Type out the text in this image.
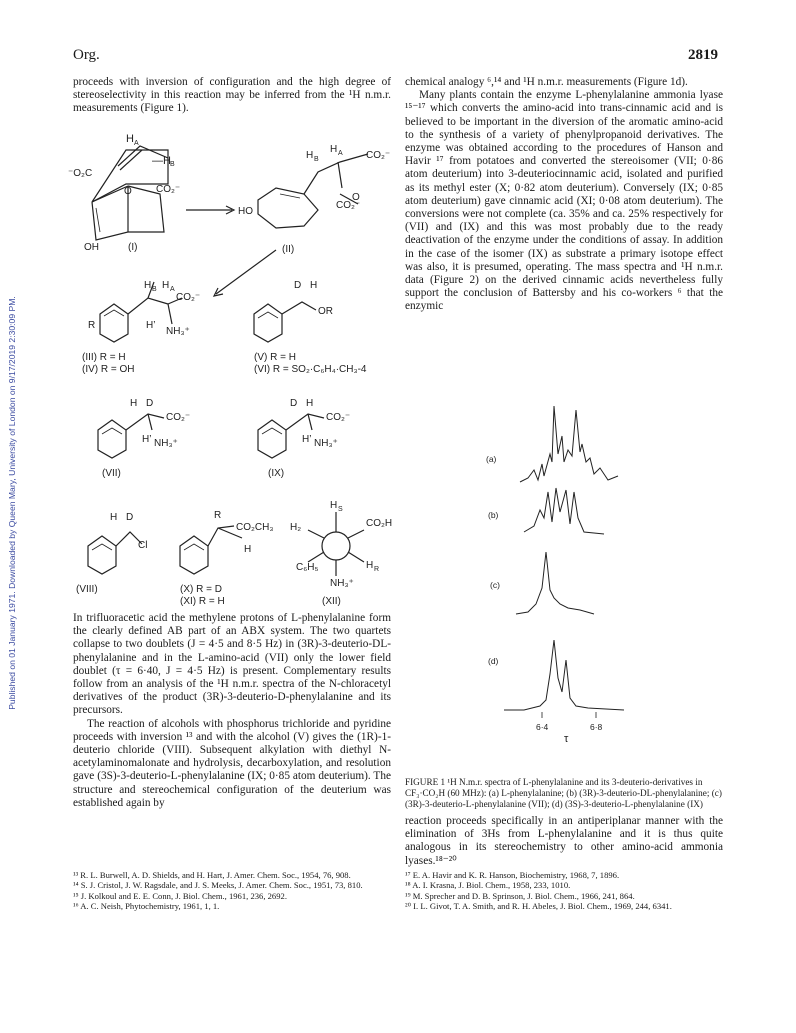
Published on 01 January 1971. Downloaded by Queen Mary, University of London on 9/17/2019 2:30:09 PM.
Org.	2819
proceeds with inversion of configuration and the high degree of stereoselectivity in this reaction may be inferred from the ¹H n.m.r. measurements (Figure 1).
H A
—H B
⁻O₂C
CO₂⁻
O
OH	(I)
HO
H B
H A CO₂⁻
O
CO₂⁻
(II)
H B H A
CO₂⁻
R	H’
NH₃⁺
(III) R = H
(IV) R = OH
D H
OR
(V) R = H
(VI) R = SO₂·C₆H₄·CH₃-4
H D
CO₂⁻
H’ NH₃⁺
(VII)
D H
CO₂⁻
H’ NH₃⁺
(IX)
H D
Cl
(VIII)
R
CO₂CH₃
H
(X) R = D
(XI) R = H
H S
CO₂H
H₂
C₆H₅	H R
NH₃⁺
(XII)

In trifluoracetic acid the methylene protons of L-phenylalanine form the clearly defined AB part of an ABX system. The two quartets collapse to two doublets (J = 4·5 and 8·5 Hz) in (3R)-3-deuterio-DL-phenylalanine and in the L-amino-acid (VII) only the lower field doublet (τ = 6·40, J = 4·5 Hz) is present. Complementary results follow from an analysis of the ¹H n.m.r. spectra of the N-chloracetyl derivatives of the product (3R)-3-deuterio-D-phenylalanine and its precursors.

The reaction of alcohols with phosphorus trichloride and pyridine proceeds with inversion ¹³ and with the alcohol (V) gives the (1R)-1-deuterio chloride (VIII). Subsequent alkylation with diethyl N-acetylaminomalonate and hydrolysis, decarboxylation, and resolution gave (3S)-3-deuterio-L-phenylalanine (IX; 0·85 atom deuterium). The structure and stereochemical configuration of the deuterium was established again by

¹³ R. L. Burwell, A. D. Shields, and H. Hart, J. Amer. Chem. Soc., 1954, 76, 908.
¹⁴ S. J. Cristol, J. W. Ragsdale, and J. S. Meeks, J. Amer. Chem. Soc., 1951, 73, 810.
¹⁵ J. Kolkoul and E. E. Conn, J. Biol. Chem., 1961, 236, 2692.
¹⁶ A. C. Neish, Phytochemistry, 1961, 1, 1.

chemical analogy ⁶,¹⁴ and ¹H n.m.r. measurements (Figure 1d).

Many plants contain the enzyme L-phenylalanine ammonia lyase ¹⁵⁻¹⁷ which converts the amino-acid into trans-cinnamic acid and is believed to be important in the diversion of the aromatic amino-acid to the synthesis of a variety of phenylpropanoid derivatives. The enzyme was obtained according to the procedures of Hanson and Havir ¹⁷ from potatoes and converted the stereoisomer (VII; 0·86 atom deuterium) into 3-deuteriocinnamic acid, isolated and purified as its methyl ester (X; 0·82 atom deuterium). Conversely (IX; 0·85 atom deuterium) gave cinnamic acid (XI; 0·08 atom deuterium). The conversions were not complete (ca. 35% and ca. 25% respectively for (VII) and (IX) and this was most probably due to the ready deactivation of the enzyme under the conditions of assay. In addition in the case of the isomer (IX) as substrate a primary isotope effect was also, it is presumed, operating. The mass spectra and ¹H n.m.r. data (Figure 2) on the derived cinnamic acids nevertheless fully support the conclusion of Battersby and his co-workers ⁶ that the enzymic

(a)
(b)
(c)
(d)
6·4	6·8
τ
FIGURE 1 ¹H N.m.r. spectra of L-phenylalanine and its 3-deuterio-derivatives in CF₃·CO₂H (60 MHz): (a) L-phenylalanine; (b) (3R)-3-deuterio-DL-phenylalanine; (c) (3R)-3-deuterio-L-phenylalanine (VII); (d) (3S)-3-deuterio-L-phenylalanine (IX)
reaction proceeds specifically in an antiperiplanar manner with the elimination of 3Hs from L-phenylalanine and it is thus quite analogous in its stereochemistry to other amino-acid ammonia lyases.¹⁸⁻²⁰
¹⁷ E. A. Havir and K. R. Hanson, Biochemistry, 1968, 7, 1896.
¹⁸ A. I. Krasna, J. Biol. Chem., 1958, 233, 1010.
¹⁹ M. Sprecher and D. B. Sprinson, J. Biol. Chem., 1966, 241, 864.
²⁰ I. L. Givot, T. A. Smith, and R. H. Abeles, J. Biol. Chem., 1969, 244, 6341.
